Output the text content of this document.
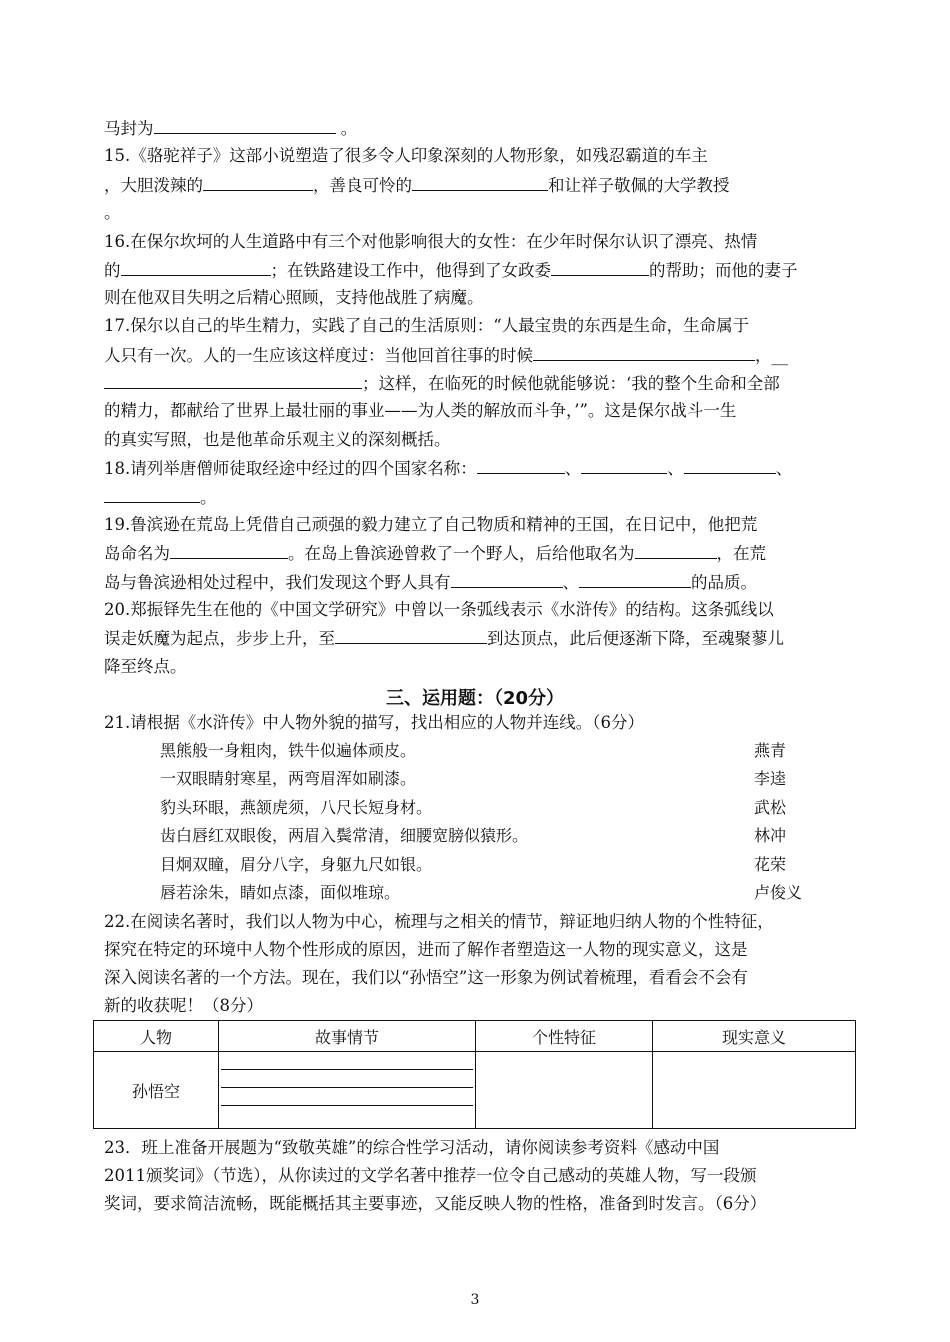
马封为	。
15.《骆驼祥子》这部小说塑造了很多令人印象深刻的人物形象，如残忍霸道的车主
，大胆泼辣的	，善良可怜的	和让祥子敬佩的大学教授
。
16.在保尔坎坷的人生道路中有三个对他影响很大的女性：在少年时保尔认识了漂亮、热情
的	；在铁路建设工作中，他得到了女政委	的帮助；而他的妻子
则在他双目失明之后精心照顾，支持他战胜了病魔。
17.保尔以自己的毕生精力，实践了自己的生活原则：“人最宝贵的东西是生命，生命属于
人只有一次。人的一生应该这样度过：当他回首往事的时候	，__
；这样，在临死的时候他就能够说：‘我的整个生命和全部
的精力，都献给了世界上最壮丽的事业——为人类的解放而斗争，’”。这是保尔战斗一生
的真实写照，也是他革命乐观主义的深刻概括。
18.请列举唐僧师徒取经途中经过的四个国家名称：	、	、	、
。
19.鲁滨逊在荒岛上凭借自己顽强的毅力建立了自己物质和精神的王国，在日记中，他把荒
岛命名为	。在岛上鲁滨逊曾救了一个野人，后给他取名为	，在荒
岛与鲁滨逊相处过程中，我们发现这个野人具有	、	的品质。
20.郑振铎先生在他的《中国文学研究》中曾以一条弧线表示《水浒传》的结构。这条弧线以
误走妖魔为起点，步步上升，至	到达顶点，此后便逐渐下降，至魂聚蓼儿
降至终点。
三、运用题：（20分）
21.请根据《水浒传》中人物外貌的描写，找出相应的人物并连线。（6分）
黑熊般一身粗肉，铁牛似遍体顽皮。	燕青
一双眼睛射寒星，两弯眉浑如刷漆。	李逵
豹头环眼，燕颔虎须，八尺长短身材。	武松
齿白唇红双眼俊，两眉入鬓常清，细腰宽膀似猿形。	林冲
目炯双瞳，眉分八字，身躯九尺如银。	花荣
唇若涂朱，睛如点漆，面似堆琼。	卢俊义
22.在阅读名著时，我们以人物为中心，梳理与之相关的情节，辩证地归纳人物的个性特征，
探究在特定的环境中人物个性形成的原因，进而了解作者塑造这一人物的现实意义，这是
深入阅读名著的一个方法。现在，我们以“孙悟空”这一形象为例试着梳理，看看会不会有
新的收获呢！（8分）
人物	故事情节	个性特征	现实意义
孙悟空	

23．班上准备开展题为“致敬英雄”的综合性学习活动，请你阅读参考资料《感动中国
2011颁奖词》（节选），从你读过的文学名著中推荐一位令自己感动的英雄人物，写一段颁
奖词，要求简洁流畅，既能概括其主要事迹，又能反映人物的性格，准备到时发言。（6分）
3
